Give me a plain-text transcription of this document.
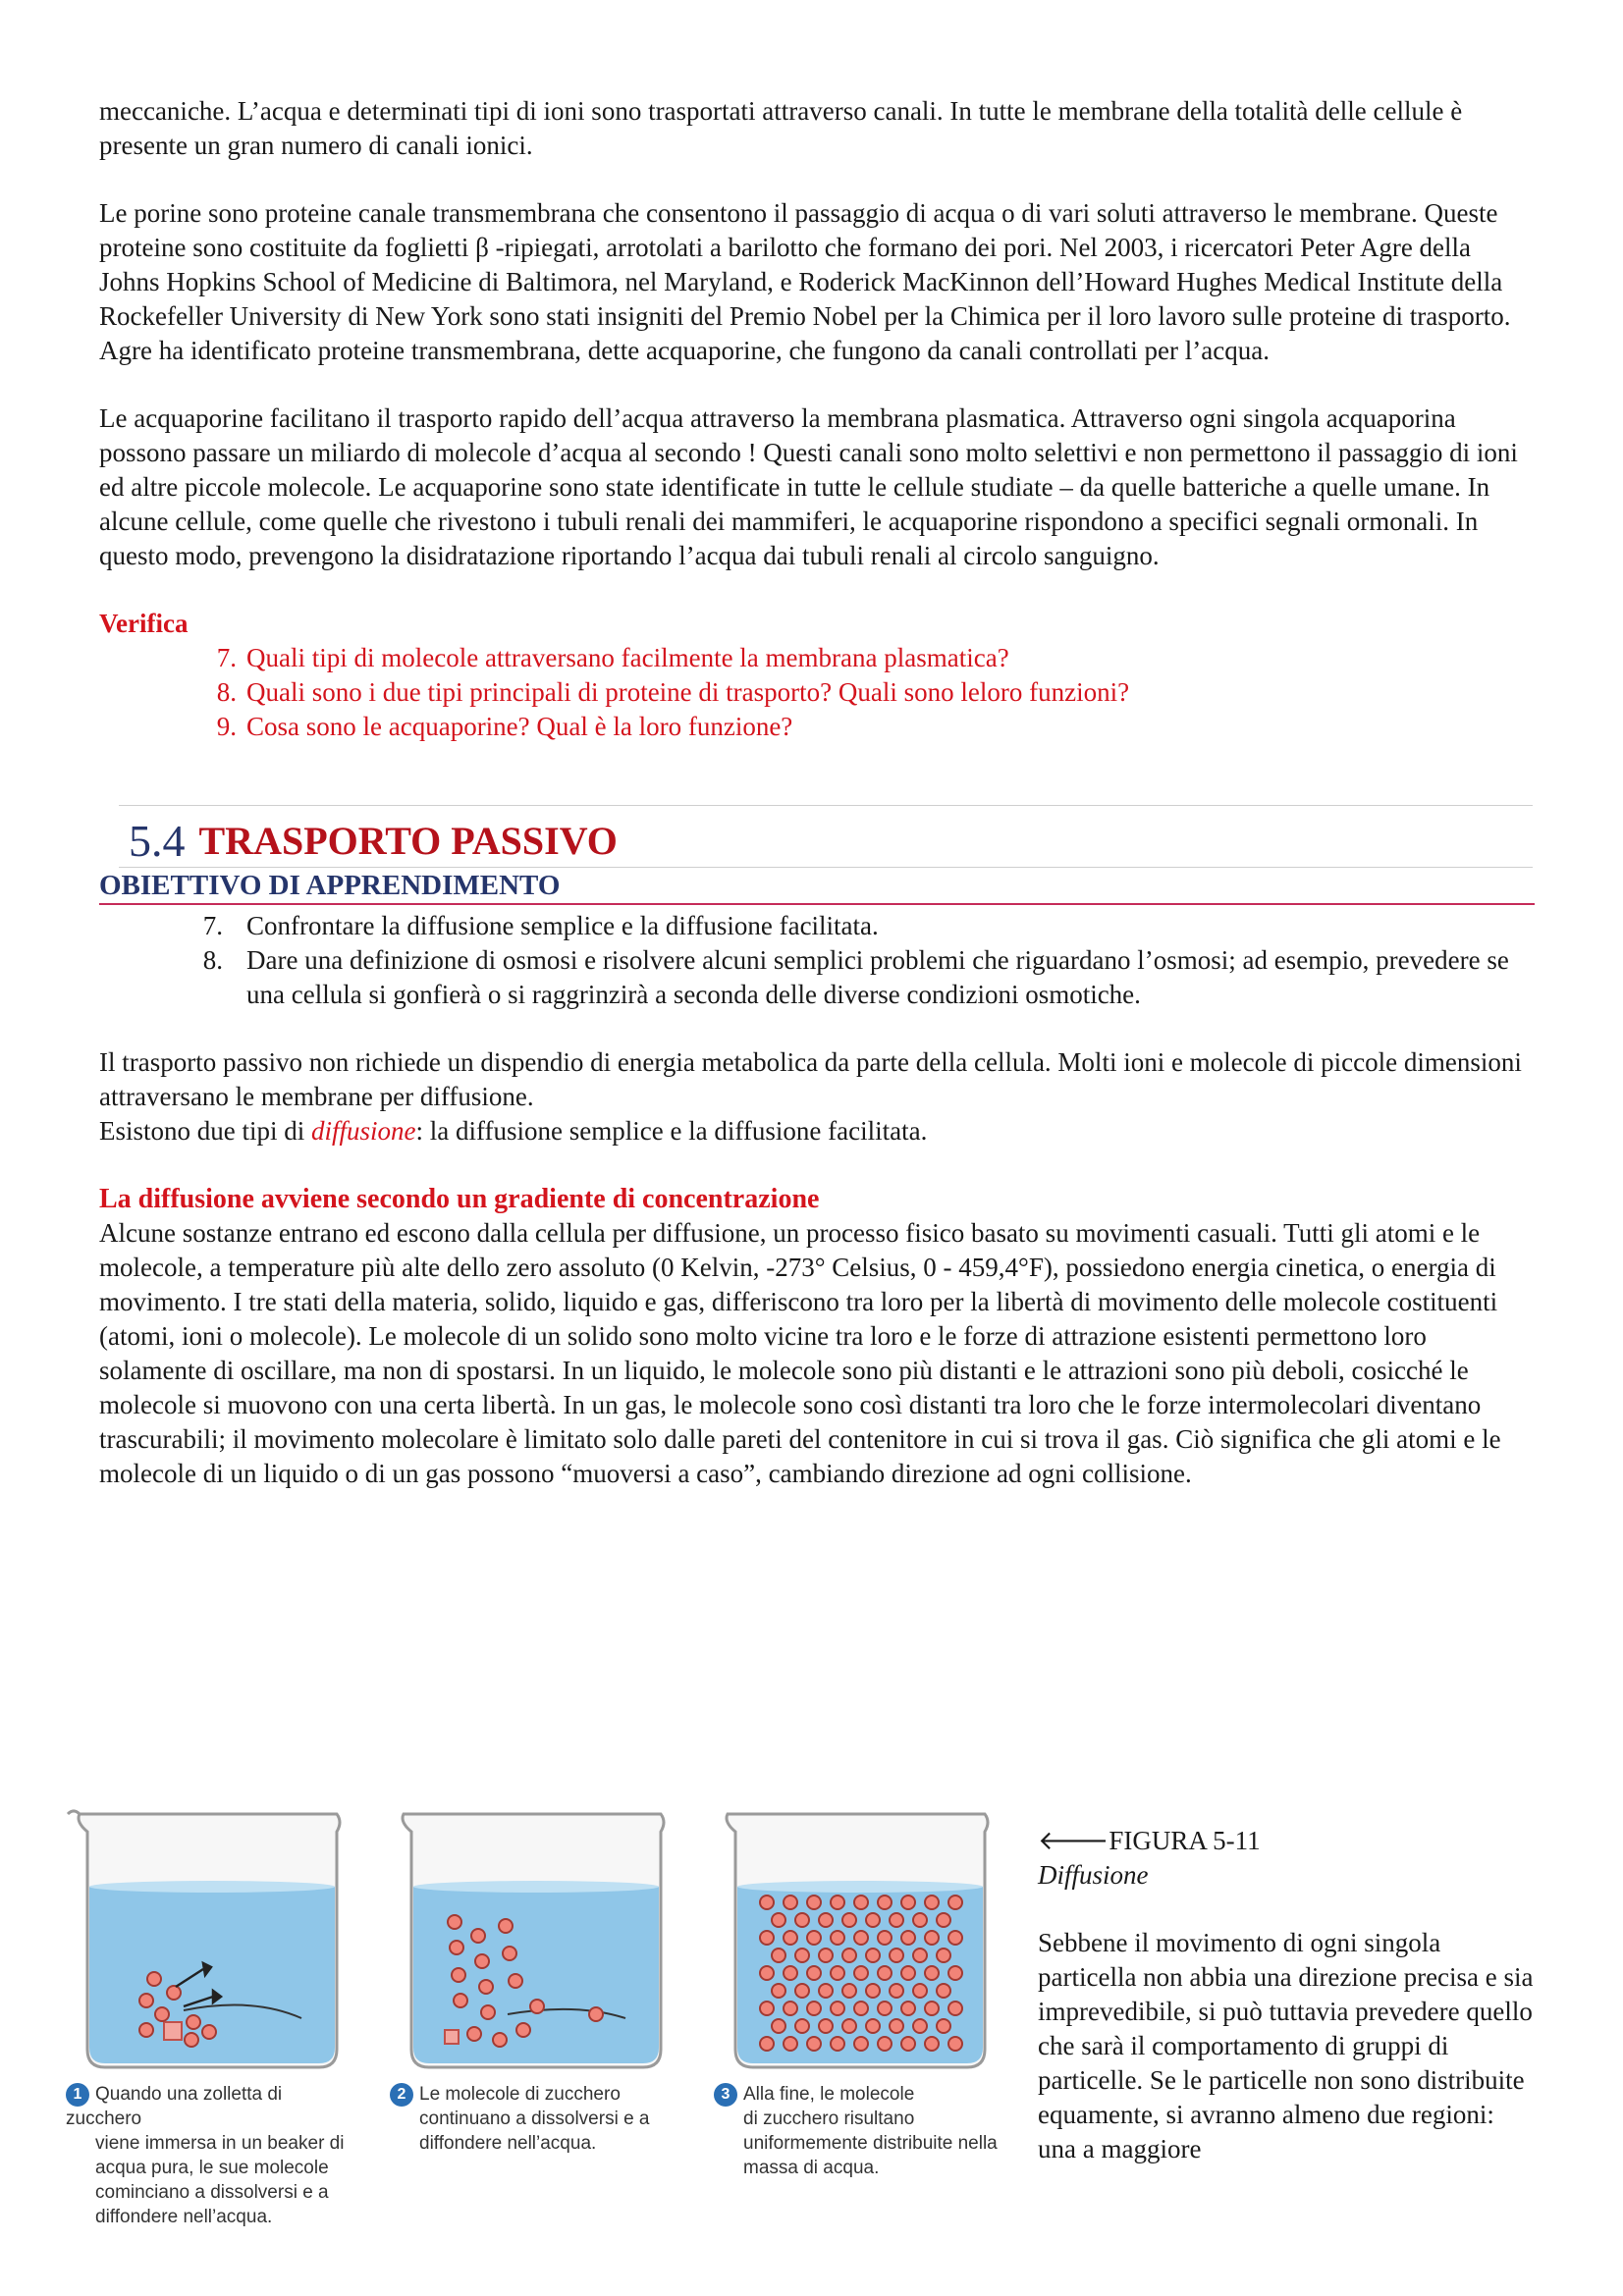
meccaniche. L’acqua e determinati tipi di ioni sono trasportati attraverso canali. In tutte le membrane della totalità delle cellule è presente un gran numero di canali ionici.

Le porine sono proteine canale transmembrana che consentono il passaggio di acqua o di vari soluti attraverso le membrane. Queste proteine sono costituite da foglietti β -ripiegati, arrotolati a barilotto che formano dei pori. Nel 2003, i ricercatori Peter Agre della Johns Hopkins School of Medicine di Baltimora, nel Maryland, e Roderick MacKinnon dell’Howard Hughes Medical Institute della Rockefeller University di New York sono stati insigniti del Premio Nobel per la Chimica per il loro lavoro sulle proteine di trasporto. Agre ha identificato proteine transmembrana, dette acquaporine, che fungono da canali controllati per l’acqua.

Le acquaporine facilitano il trasporto rapido dell’acqua attraverso la membrana plasmatica. Attraverso ogni singola acquaporina possono passare un miliardo di molecole d’acqua al secondo ! Questi canali sono molto selettivi e non permettono il passaggio di ioni ed altre piccole molecole. Le acquaporine sono state identificate in tutte le cellule studiate – da quelle batteriche a quelle umane. In alcune cellule, come quelle che rivestono i tubuli renali dei mammiferi, le acquaporine rispondono a specifici segnali ormonali. In questo modo, prevengono la disidratazione riportando l’acqua dai tubuli renali al circolo sanguigno.

Verifica
7. Quali tipi di molecole attraversano facilmente la membrana plasmatica?
8. Quali sono i due tipi principali di proteine di trasporto? Quali sono leloro funzioni?
9. Cosa sono le acquaporine? Qual è la loro funzione?
5.4 TRASPORTO PASSIVO
OBIETTIVO DI APPRENDIMENTO
7. Confrontare la diffusione semplice e la diffusione facilitata.
8. Dare una definizione di osmosi e risolvere alcuni semplici problemi che riguardano l’osmosi; ad esempio, prevedere se una cellula si gonfierà o si raggrinzirà a seconda delle diverse condizioni osmotiche.

Il trasporto passivo non richiede un dispendio di energia metabolica da parte della cellula. Molti ioni e molecole di piccole dimensioni attraversano le membrane per diffusione.

Esistono due tipi di diffusione: la diffusione semplice e la diffusione facilitata.

La diffusione avviene secondo un gradiente di concentrazione

Alcune sostanze entrano ed escono dalla cellula per diffusione, un processo fisico basato su movimenti casuali. Tutti gli atomi e le molecole, a temperature più alte dello zero assoluto (0 Kelvin, -273° Celsius, 0 - 459,4°F), possiedono energia cinetica, o energia di movimento. I tre stati della materia, solido, liquido e gas, differiscono tra loro per la libertà di movimento delle molecole costituenti (atomi, ioni o molecole). Le molecole di un solido sono molto vicine tra loro e le forze di attrazione esistenti permettono loro solamente di oscillare, ma non di spostarsi. In un liquido, le molecole sono più distanti e le attrazioni sono più deboli, cosicché le molecole si muovono con una certa libertà. In un gas, le molecole sono così distanti tra loro che le forze intermolecolari diventano trascurabili; il movimento molecolare è limitato solo dalle pareti del contenitore in cui si trova il gas. Ciò significa che gli atomi e le molecole di un liquido o di un gas possono “muoversi a caso”, cambiando direzione ad ogni collisione.

1 Quando una zolletta di zucchero
viene immersa in un beaker di acqua pura, le sue molecole cominciano a dissolversi e a diffondere nell’acqua.
2 Le molecole di zucchero
continuano a dissolversi e a diffondere nell’acqua.
3 Alla fine, le molecole
di zucchero risultano uniformemente distribuite nella massa di acqua.

🡐FIGURA 5-11

Diffusione

Sebbene il movimento di ogni singola particella non abbia una direzione precisa e sia imprevedibile, si può tuttavia prevedere quello che sarà il comportamento di gruppi di particelle. Se le particelle non sono distribuite equamente, si avranno almeno due regioni: una a maggiore
